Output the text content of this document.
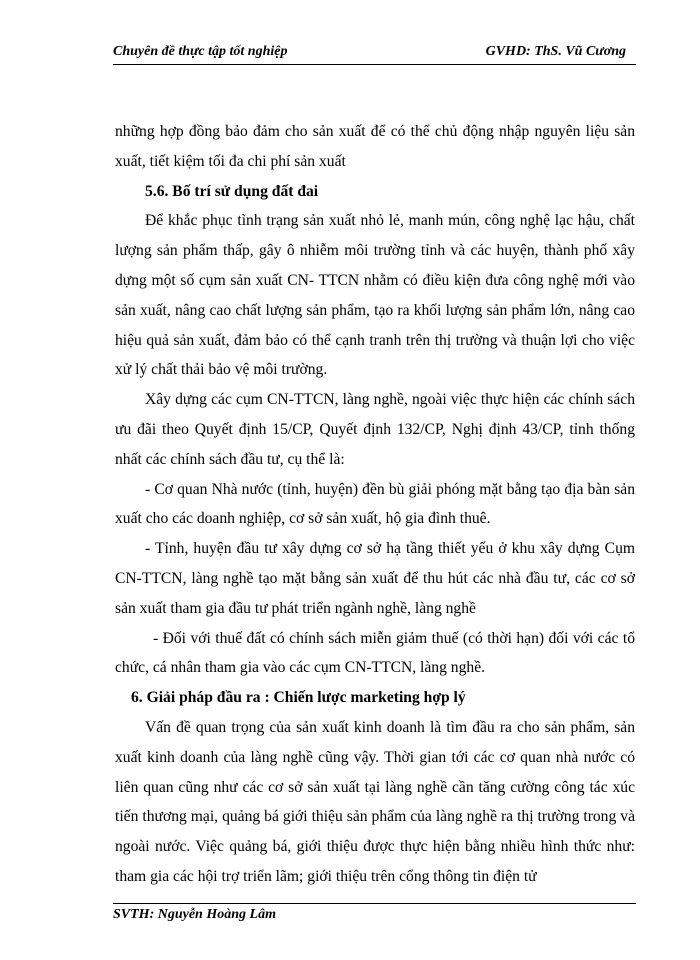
Chuyên đề thực tập tốt nghiệp	GVHD: ThS. Vũ Cương

những hợp đồng bảo đảm cho sản xuất để có thể chủ động nhập nguyên liệu sản xuất, tiết kiệm tối đa chi phí sản xuất

5.6. Bố trí sử dụng đất đai

Để khắc phục tình trạng sản xuất nhỏ lẻ, manh mún, công nghệ lạc hậu, chất lượng sản phẩm thấp, gây ô nhiễm môi trường tỉnh và các huyện, thành phố xây dựng một số cụm sản xuất CN- TTCN nhằm có điều kiện đưa công nghệ mới vào sản xuất, nâng cao chất lượng sản phẩm, tạo ra khối lượng sản phẩm lớn, nâng cao hiệu quả sản xuất, đảm bảo có thể cạnh tranh trên thị trường và thuận lợi cho việc xử lý chất thải bảo vệ môi trường.

Xây dựng các cụm CN-TTCN, làng nghề, ngoài việc thực hiện các chính sách ưu đãi theo Quyết định 15/CP, Quyết định 132/CP, Nghị định 43/CP, tỉnh thống nhất các chính sách đầu tư, cụ thể là:

- Cơ quan Nhà nước (tỉnh, huyện) đền bù giải phóng mặt bằng tạo địa bàn sản xuất cho các doanh nghiệp, cơ sở sản xuất, hộ gia đình thuê.

- Tỉnh, huyện đầu tư xây dựng cơ sở hạ tầng thiết yếu ở khu xây dựng Cụm CN-TTCN, làng nghề tạo mặt bằng sản xuất để thu hút các nhà đầu tư, các cơ sở sản xuất tham gia đầu tư phát triển ngành nghề, làng nghề

- Đối với thuế đất có chính sách miễn giảm thuế (có thời hạn) đối với các tổ chức, cá nhân tham gia vào các cụm CN-TTCN, làng nghề.

6. Giải pháp đầu ra : Chiến lược marketing hợp lý

Vấn đề quan trọng của sản xuất kinh doanh là tìm đầu ra cho sản phẩm, sản xuất kinh doanh của làng nghề cũng vậy. Thời gian tới các cơ quan nhà nước có liên quan cũng như các cơ sở sản xuất tại làng nghề cần tăng cường công tác xúc tiến thương mại, quảng bá giới thiệu sản phẩm của làng nghề ra thị trường trong và ngoài nước. Việc quảng bá, giới thiệu được thực hiện bằng nhiều hình thức như: tham gia các hội trợ triển lãm; giới thiệu trên cổng thông tin điện tử

SVTH: Nguyễn Hoàng Lâm
